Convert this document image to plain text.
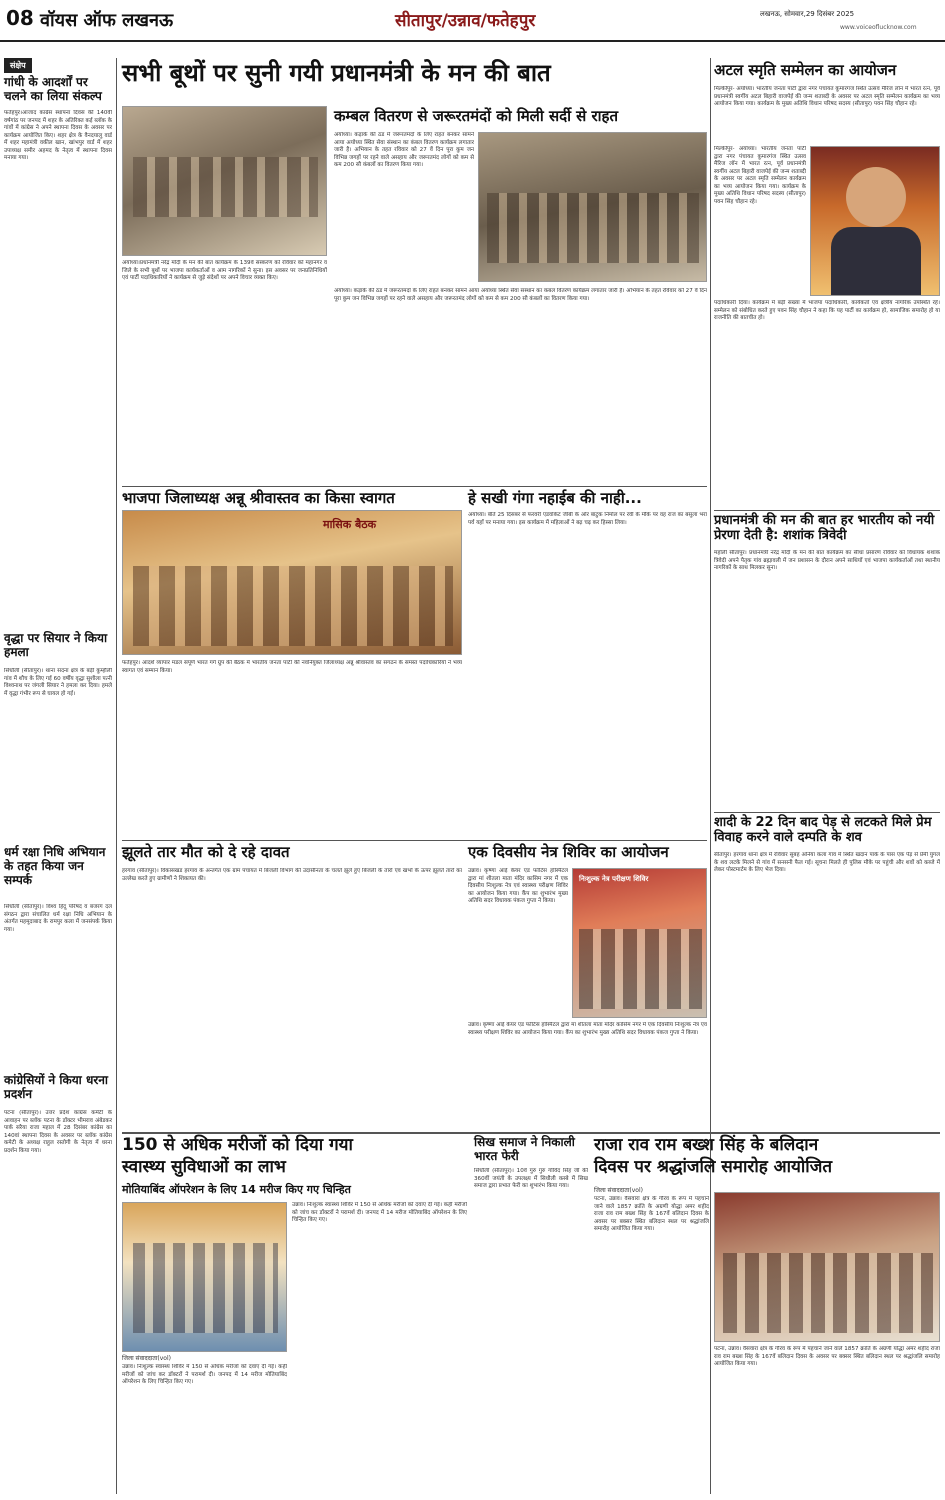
08 वॉयस ऑफ लखनऊ	सीतापुर/उन्नाव/फतेहपुर	लखनऊ, सोमवार,29 दिसंबर 2025
www.voiceoflucknow.com
संक्षेप
गांधी के आदर्शों पर चलने का लिया संकल्प
फतेहपुर।आजाद कांग्रेस स्थापना दिवस की 140वीं वर्षगांठ पर जनपद में शहर के अतिरिक्त कई ब्लॉक के गांवों में कांग्रेस ने अपने स्थापना दिवस के अवसर पर कार्यक्रम आयोजित किए। शहर क्षेत्र के वैनदयालु वार्ड में शहर महामंत्री वकील खान, खांभपुर वार्ड में शहर उपाध्यक्ष समीर अहमद के नेतृत्व में स्थापना दिवस मनाया गया।
वृद्धा पर सियार ने किया हमला
सिधौली (सीतापुर)। थाना संदना क्षेत्र के बड़ी कुम्हौली गांव में शौच के लिए गई 60 वर्षीय वृद्धा सुशीला पत्नी विश्वनाथ पर जंगली सियार ने हमला कर दिया। हमले में वृद्धा गंभीर रूप से घायल हो गई।
धर्म रक्षा निधि अभियान के तहत किया जन सम्पर्क
सिधौली (सीतापुर)। विश्व हिंदू परिषद व बजरंग दल संगठन द्वारा संचालित धर्म रक्षा निधि अभियान के अंतर्गत महमूदाबाद के रामपुर कला में जनसंपर्क किया गया।
कांग्रेसियों ने किया धरना प्रदर्शन
पटना (सीतापुर)। उत्तर प्रदेश कांग्रेस कमेटी के आवाहन पर ब्लॉक पटना के डॉक्टर भीमराव अंबेडकर पार्क सरैया राजा महाल में 28 दिसंबर कांग्रेस का 140वां स्थापना दिवस के अवसर पर ब्लॉक कांग्रेस कमेटी के अध्यक्ष राहुल रस्तोगी के नेतृत्व में धरना प्रदर्शन किया गया।
सभी बूथों पर सुनी गयी प्रधानमंत्री के मन की बात
अयोध्या।प्रधानमंत्री नरेंद्र मोदी के मन की बात कार्यक्रम के 139वें संस्करण को रविवार को महानगर व जिले के सभी बूथों पर भाजपा कार्यकर्ताओं व आम नागरिकों ने सुना। इस अवसर पर जनप्रतिनिधियों एवं पार्टी पदाधिकारियों ने कार्यक्रम से जुड़े संदेशों पर अपने विचार व्यक्त किए।
कम्बल वितरण से जरूरतमंदों को मिली सर्दी से राहत
अयोध्या। कड़ाके की ठंड में जरूरतमंदों के लिए राहत बनकर सामने आया अयोध्या स्थित सेवा संस्थान का कंबल वितरण कार्यक्रम लगातार जारी है। अभियान के तहत रविवार को 27 वें दिन पूरा कुम जन विभिन्न जगहों पर रहने वाले असहाय और जरूरतमंद लोगों को कम से कम 200 सौ कंबलों का वितरण किया गया।
अयोध्या। कड़ाके की ठंड में जरूरतमंदों के लिए राहत बनकर सामने आया अयोध्या स्थित सेवा संस्थान का कंबल वितरण कार्यक्रम लगातार जारी है। अभियान के तहत रविवार को 27 वें दिन पूरा कुम जन विभिन्न जगहों पर रहने वाले असहाय और जरूरतमंद लोगों को कम से कम 200 सौ कंबलों का वितरण किया गया।
अटल स्मृति सम्मेलन का आयोजन
मिल्कीपुर- अयोध्या। भारतीय जनता पार्टी द्वारा नगर पंचायत कुमारगंज स्थित उत्सव मैरिज लॉन में भारत रत्न, पूर्व प्रधानमंत्री स्वर्गीय अटल बिहारी वाजपेई की जन्म शताब्दी के अवसर पर अटल स्मृति सम्मेलन कार्यक्रम का भव्य आयोजन किया गया। कार्यक्रम के मुख्य अतिथि विधान परिषद सदस्य (सीतापुर) पवन सिंह चौहान रहे।
मिल्कीपुर- अयोध्या। भारतीय जनता पार्टी द्वारा नगर पंचायत कुमारगंज स्थित उत्सव मैरिज लॉन में भारत रत्न, पूर्व प्रधानमंत्री स्वर्गीय अटल बिहारी वाजपेई की जन्म शताब्दी के अवसर पर अटल स्मृति सम्मेलन कार्यक्रम का भव्य आयोजन किया गया। कार्यक्रम के मुख्य अतिथि विधान परिषद सदस्य (सीतापुर) पवन सिंह चौहान रहे।
पदाधिकारी दिया। कार्यक्रम में बड़ी संख्या में भाजपा पदाधिकारी, कार्यकर्ता एवं क्षेत्रीय नागरिक उपस्थित रहे। सम्मेलन को संबोधित करते हुए पवन सिंह चौहान ने कहा कि यह पार्टी का कार्यक्रम हो, सामाजिक समारोह हो या राजनीति की बातचीत हो।
भाजपा जिलाध्यक्ष अन्नू श्रीवास्तव का किसा स्वागत
मासिक बैठक
फतेहपुर। आदर्श व्यापार मंडल संपूर्ण भारत गर्ग ग्रुप की बैठक में भारतीय जनता पार्टी की नवनियुक्त जिलाध्यक्ष अन्नू श्रीवास्तव का संगठन के समस्त पदाधिकारियों ने भव्य स्वागत एवं सम्मान किया।
हे सखी गंगा नहाईब की नाही...
अयोध्या। बीते 25 दिसंबर से फरवरी एडवोकेट जीबी के ओर बाटुक निर्माल पर रवी के मौके पर वह राज का बसुला भरा पर्व यहाँ पर मनाया गया। इस कार्यक्रम में महिलाओं ने बढ़ चढ़ कर हिस्सा लिया।	प्रधानमंत्री की मन की बात हर भारतीय को नयी प्रेरणा देती है: शशांक त्रिवेदी
महोली सीतापुर। प्रधानमंत्री नरेंद्र मोदी के मन की बात कार्यक्रम का सीधा प्रसारण रविवार को विधायक शशांक त्रिवेदी अपने पैतृक गांव ब्रह्मावली में जन प्रशासन के दौरान अपने साथियों एवं भाजपा कार्यकर्ताओं तथा स्थानीय नागरिकों के साथ मिलकर सुना।
शादी के 22 दिन बाद पेड़ से लटकते मिले प्रेम विवाह करने वाले दम्पति के शव
सीतापुर। हरगांव थाना क्षेत्र में रविवार सुबह अनिया कलां गांव में स्थित खदान पार्क के पास एक पेड़ से प्रेमी युगल के शव लटके मिलने से गांव में सनसनी फैल गई। सूचना मिलते ही पुलिस मौके पर पहुंची और शवों को कब्जे में लेकर पोस्टमार्टम के लिए भेज दिया।
झूलते तार मौत को दे रहे दावत
हरगांव (सीतापुर)। विकासखंड हरगांव के अन्तर्गत एक ग्राम पंचायत में बिजली विभाग की उदासीनता के चलते झूले हुए बिजली के तारों एवं खंभों के ऊपर झूलते तारों का उल्लेख करते हुए ग्रामीणों ने शिकायत की।
एक दिवसीय नेत्र शिविर का आयोजन
उन्नाव। कृष्णा आई केयर एंड फोर्टिस हॉस्पिटल द्वारा मां शीतला माता मंदिर कासिम नगर में एक दिवसीय निःशुल्क नेत्र एवं स्वास्थ्य परीक्षण शिविर का आयोजन किया गया। कैंप का शुभारंभ मुख्य अतिथि सदर विधायक पंकज गुप्ता ने किया।
निःशुल्क नेत्र परीक्षण शिविर
उन्नाव। कृष्णा आई केयर एंड फोर्टिस हॉस्पिटल द्वारा मां शीतला माता मंदिर कासिम नगर में एक दिवसीय निःशुल्क नेत्र एवं स्वास्थ्य परीक्षण शिविर का आयोजन किया गया। कैंप का शुभारंभ मुख्य अतिथि सदर विधायक पंकज गुप्ता ने किया।
150 से अधिक मरीजों को दिया गया
स्वास्थ्य सुविधाओं का लाभ
मोतियाबिंद ऑपरेशन के लिए 14 मरीज किए गए चिन्हित
जिला संवाददाता(vol)
उन्नाव। निःशुल्क स्वास्थ्य शिविर में 150 से अधिक मरीजों को दवाएं दी गईं। कहीं मरीजों को जांच कर डॉक्टरों ने परामर्श दी। जनपद में 14 मरीज मोतियाबिंद ऑपरेशन के लिए चिन्हित किए गए।
उन्नाव। निःशुल्क स्वास्थ्य शिविर में 150 से अधिक मरीजों को दवाएं दी गईं। कहीं मरीजों को जांच कर डॉक्टरों ने परामर्श दी। जनपद में 14 मरीज मोतियाबिंद ऑपरेशन के लिए चिन्हित किए गए।
सिख समाज ने निकाली भारत फेरी
सिधौली (सीतापुर)। 10वें गुरु गुरु गोविंद सिंह जी की 360वीं जयंती के उपलक्ष्य में सिधौली कस्बे में सिख समाज द्वारा प्रभात फेरी का शुभारंभ किया गया।
राजा राव राम बख्श सिंह के बलिदान
दिवस पर श्रद्धांजलि समारोह आयोजित
जिला संवाददाता(vol)
पटना, उन्नाव। वैसवारा क्षेत्र के गौरव के रूप में पहचाने जाने वाले 1857 क्रांति के अग्रणी योद्धा अमर शहीद राजा राव राम बख्श सिंह के 167वें बलिदान दिवस के अवसर पर बक्सर स्थित बलिदान स्थल पर श्रद्धांजलि समारोह आयोजित किया गया।
पटना, उन्नाव। वैसवारा क्षेत्र के गौरव के रूप में पहचाने जाने वाले 1857 क्रांति के अग्रणी योद्धा अमर शहीद राजा राव राम बख्श सिंह के 167वें बलिदान दिवस के अवसर पर बक्सर स्थित बलिदान स्थल पर श्रद्धांजलि समारोह आयोजित किया गया।
